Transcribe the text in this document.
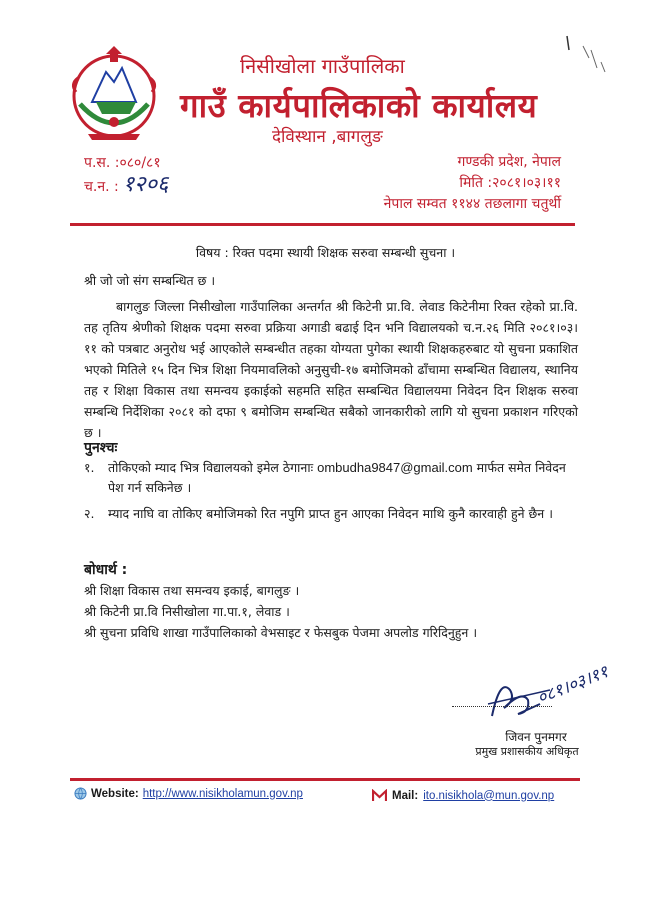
निसीखोला गाउँपालिका
गाउँ कार्यपालिकाको कार्यालय
देविस्थान ,बागलुङ
प.स. :०८०/८१
च.न. : १२०६
गण्डकी प्रदेश, नेपाल
मिति :२०८१।०३।११
नेपाल सम्वत ११४४ तछलागा चतुर्थी
विषय : रिक्त पदमा स्थायी शिक्षक सरुवा सम्बन्धी सुचना ।
श्री जो जो संग सम्बन्धित छ ।

बागलुङ जिल्ला निसीखोला गाउँपालिका अन्तर्गत श्री किटेनी प्रा.वि. लेवाड किटेनीमा रिक्त रहेको प्रा.वि. तह तृतिय श्रेणीको शिक्षक पदमा सरुवा प्रक्रिया अगाडी बढाई दिन भनि विद्यालयको च.न.२६ मिति २०८१।०३।११ को पत्रबाट अनुरोध भई आएकोले सम्बन्धीत तहका योग्यता पुगेका स्थायी शिक्षकहरुबाट यो सुचना प्रकाशित भएको मितिले १५ दिन भित्र शिक्षा नियमावलिको अनुसुची-१७ बमोजिमको ढाँचामा सम्बन्धित विद्यालय, स्थानिय तह र शिक्षा विकास तथा समन्वय इकाईको सहमति सहित सम्बन्धित विद्यालयमा निवेदन दिन शिक्षक सरुवा सम्बन्धि निर्देशिका २०८१ को दफा ९ बमोजिम सम्बन्धित सबैको जानकारीको लागि यो सुचना प्रकाशन गरिएको छ ।

पुनश्चः
१.	तोकिएको म्याद भित्र विद्यालयको इमेल ठेगानाः ombudha9847@gmail.com मार्फत समेत निवेदन पेश गर्न सकिनेछ ।
२.	म्याद नाघि वा तोकिए बमोजिमको रित नपुगि प्राप्त हुन आएका निवेदन माथि कुनै कारवाही हुने छैन ।
बोधार्थ :
श्री शिक्षा विकास तथा समन्वय इकाई, बागलुङ ।
श्री किटेनी प्रा.वि निसीखोला गा.पा.१, लेवाड ।
श्री सुचना प्रविधि शाखा गाउँपालिकाको वेभसाइट र फेसबुक पेजमा अपलोड गरिदिनुहुन ।
०८१।०३।११
जिवन पुनमगर
प्रमुख प्रशासकीय अधिकृत
Website: http://www.nisikholamun.gov.np	Mail: ito.nisikhola@mun.gov.np
